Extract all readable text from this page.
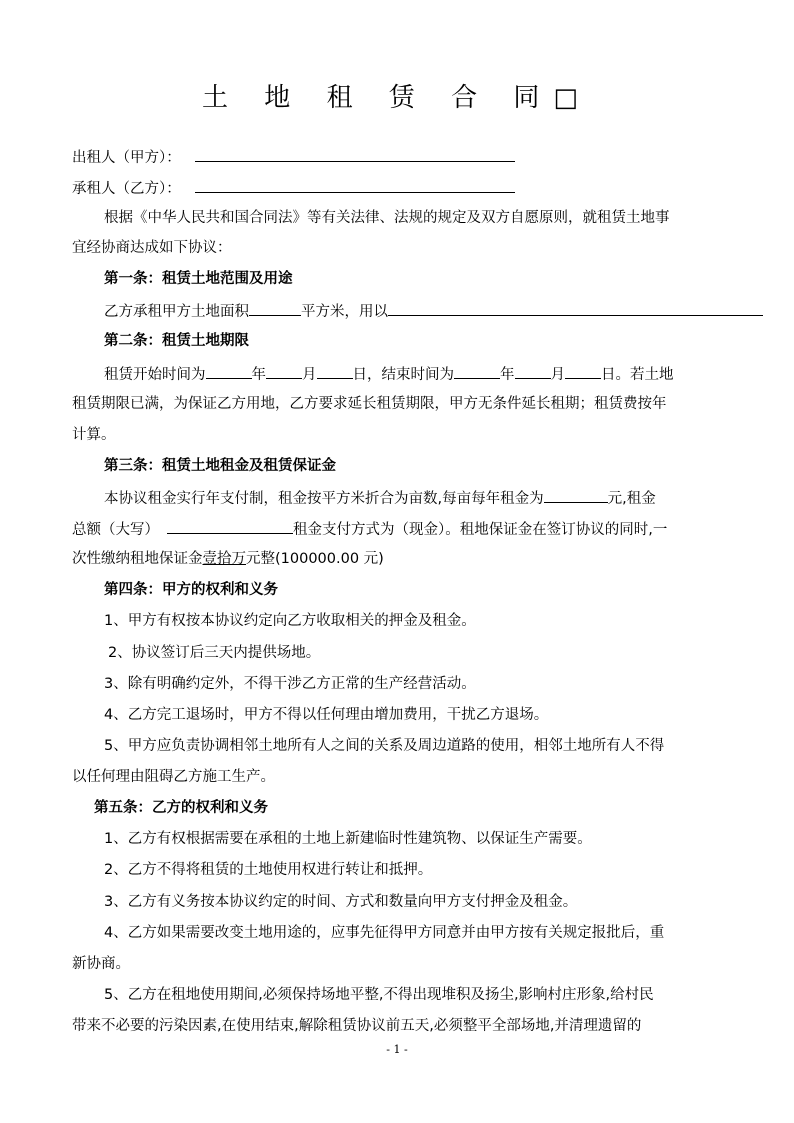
土 地 租 赁 合 同□
出租人（甲方）：
承租人（乙方）：
根据《中华人民共和国合同法》等有关法律、法规的规定及双方自愿原则，就租赁土地事
宜经协商达成如下协议：
第一条：租赁土地范围及用途
乙方承租甲方土地面积	平方米，用以
第二条：租赁土地期限
租赁开始时间为	年 月 日，结束时间为	年 月 日。若土地
租赁期限已满，为保证乙方用地，乙方要求延长租赁期限，甲方无条件延长租期；租赁费按年
计算。
第三条：租赁土地租金及租赁保证金
本协议租金实行年支付制，租金按平方米折合为亩数,每亩每年租金为	元,租金
总额（大写）	租金支付方式为（现金）。租地保证金在签订协议的同时,一
次性缴纳租地保证金壹拾万元整(100000.00 元)
第四条：甲方的权利和义务
1、甲方有权按本协议约定向乙方收取相关的押金及租金。
2、协议签订后三天内提供场地。
3、除有明确约定外，不得干涉乙方正常的生产经营活动。
4、乙方完工退场时，甲方不得以任何理由增加费用，干扰乙方退场。
5、甲方应负责协调相邻土地所有人之间的关系及周边道路的使用，相邻土地所有人不得
以任何理由阻碍乙方施工生产。
第五条：乙方的权利和义务
1、乙方有权根据需要在承租的土地上新建临时性建筑物、以保证生产需要。
2、乙方不得将租赁的土地使用权进行转让和抵押。
3、乙方有义务按本协议约定的时间、方式和数量向甲方支付押金及租金。
4、乙方如果需要改变土地用途的，应事先征得甲方同意并由甲方按有关规定报批后，重
新协商。
5、乙方在租地使用期间,必须保持场地平整,不得出现堆积及扬尘,影响村庄形象,给村民
带来不必要的污染因素,在使用结束,解除租赁协议前五天,必须整平全部场地,并清理遗留的
- 1 -
